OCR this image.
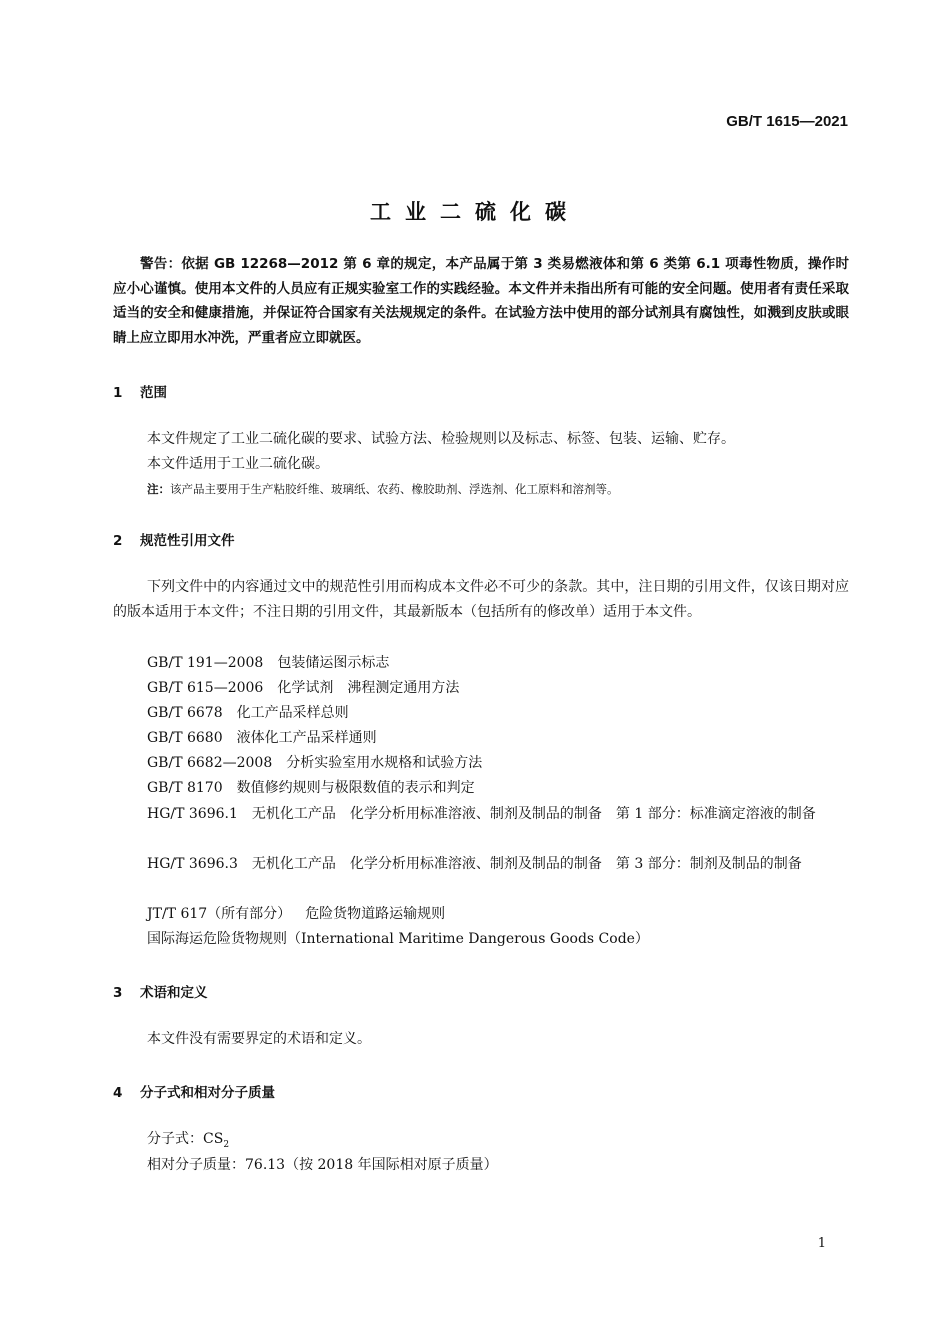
GB/T 1615—2021
工业二硫化碳
警告：依据 GB 12268—2012 第 6 章的规定，本产品属于第 3 类易燃液体和第 6 类第 6.1 项毒性物质，操作时应小心谨慎。使用本文件的人员应有正规实验室工作的实践经验。本文件并未指出所有可能的安全问题。使用者有责任采取适当的安全和健康措施，并保证符合国家有关法规规定的条件。在试验方法中使用的部分试剂具有腐蚀性，如溅到皮肤或眼睛上应立即用水冲洗，严重者应立即就医。
1 范围
本文件规定了工业二硫化碳的要求、试验方法、检验规则以及标志、标签、包装、运输、贮存。
本文件适用于工业二硫化碳。
注：该产品主要用于生产粘胶纤维、玻璃纸、农药、橡胶助剂、浮选剂、化工原料和溶剂等。
2 规范性引用文件
下列文件中的内容通过文中的规范性引用而构成本文件必不可少的条款。其中，注日期的引用文件，仅该日期对应的版本适用于本文件；不注日期的引用文件，其最新版本（包括所有的修改单）适用于本文件。
GB/T 191—2008 包装储运图示标志
GB/T 615—2006 化学试剂　沸程测定通用方法
GB/T 6678 化工产品采样总则
GB/T 6680 液体化工产品采样通则
GB/T 6682—2008 分析实验室用水规格和试验方法
GB/T 8170 数值修约规则与极限数值的表示和判定
HG/T 3696.1 无机化工产品　化学分析用标准溶液、制剂及制品的制备　第 1 部分：标准滴定溶液的制备
HG/T 3696.3 无机化工产品　化学分析用标准溶液、制剂及制品的制备　第 3 部分：制剂及制品的制备
JT/T 617（所有部分） 危险货物道路运输规则
国际海运危险货物规则（International Maritime Dangerous Goods Code）
3 术语和定义
本文件没有需要界定的术语和定义。
4 分子式和相对分子质量
分子式：$CS_2$
相对分子质量：76.13（按 2018 年国际相对原子质量）
1
